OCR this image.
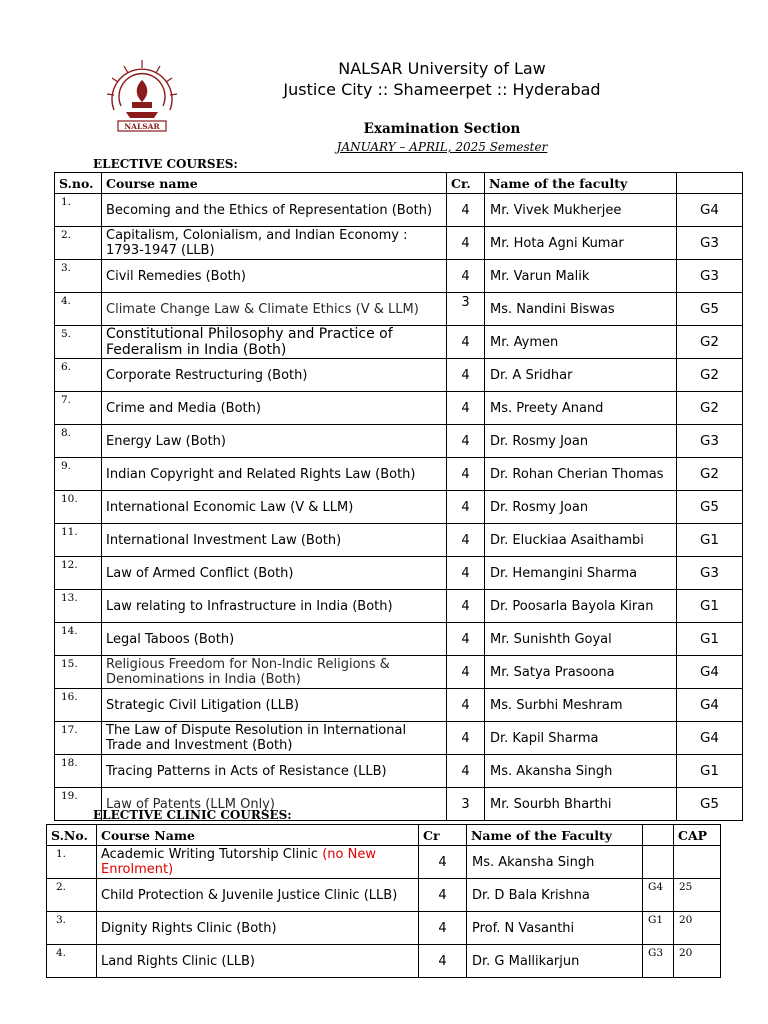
NALSAR
NALSAR University of Law
Justice City :: Shameerpet :: Hyderabad
Examination Section
JANUARY – APRIL, 2025 Semester
ELECTIVE COURSES:
S.no.	Course name	Cr.	Name of the faculty	
1.	Becoming and the Ethics of Representation (Both)	4	Mr. Vivek Mukherjee	G4
2.	Capitalism, Colonialism, and Indian Economy : 1793-1947 (LLB)	4	Mr. Hota Agni Kumar	G3
3.	Civil Remedies (Both)	4	Mr. Varun Malik	G3
4.	Climate Change Law & Climate Ethics (V & LLM)	3	Ms. Nandini Biswas	G5
5.	Constitutional Philosophy and Practice of Federalism in India (Both)	4	Mr. Aymen	G2
6.	Corporate Restructuring (Both)	4	Dr. A Sridhar	G2
7.	Crime and Media (Both)	4	Ms. Preety Anand	G2
8.	Energy Law (Both)	4	Dr. Rosmy Joan	G3
9.	Indian Copyright and Related Rights Law (Both)	4	Dr. Rohan Cherian Thomas	G2
10.	International Economic Law (V & LLM)	4	Dr. Rosmy Joan	G5
11.	International Investment Law (Both)	4	Dr. Eluckiaa Asaithambi	G1
12.	Law of Armed Conflict (Both)	4	Dr. Hemangini Sharma	G3
13.	Law relating to Infrastructure in India (Both)	4	Dr. Poosarla Bayola Kiran	G1
14.	Legal Taboos (Both)	4	Mr. Sunishth Goyal	G1
15.	Religious Freedom for Non-Indic Religions & Denominations in India (Both)	4	Mr. Satya Prasoona	G4
16.	Strategic Civil Litigation (LLB)	4	Ms. Surbhi Meshram	G4
17.	The Law of Dispute Resolution in International Trade and Investment (Both)	4	Dr. Kapil Sharma	G4
18.	Tracing Patterns in Acts of Resistance (LLB)	4	Ms. Akansha Singh	G1
19.	Law of Patents (LLM Only)	3	Mr. Sourbh Bharthi	G5
ELECTIVE CLINIC COURSES:
S.No.	Course Name	Cr	Name of the Faculty		CAP
1.	Academic Writing Tutorship Clinic (no New Enrolment)	4	Ms. Akansha Singh		
2.	Child Protection & Juvenile Justice Clinic (LLB)	4	Dr. D Bala Krishna	G4	25
3.	Dignity Rights Clinic (Both)	4	Prof. N Vasanthi	G1	20
4.	Land Rights Clinic (LLB)	4	Dr. G Mallikarjun	G3	20
